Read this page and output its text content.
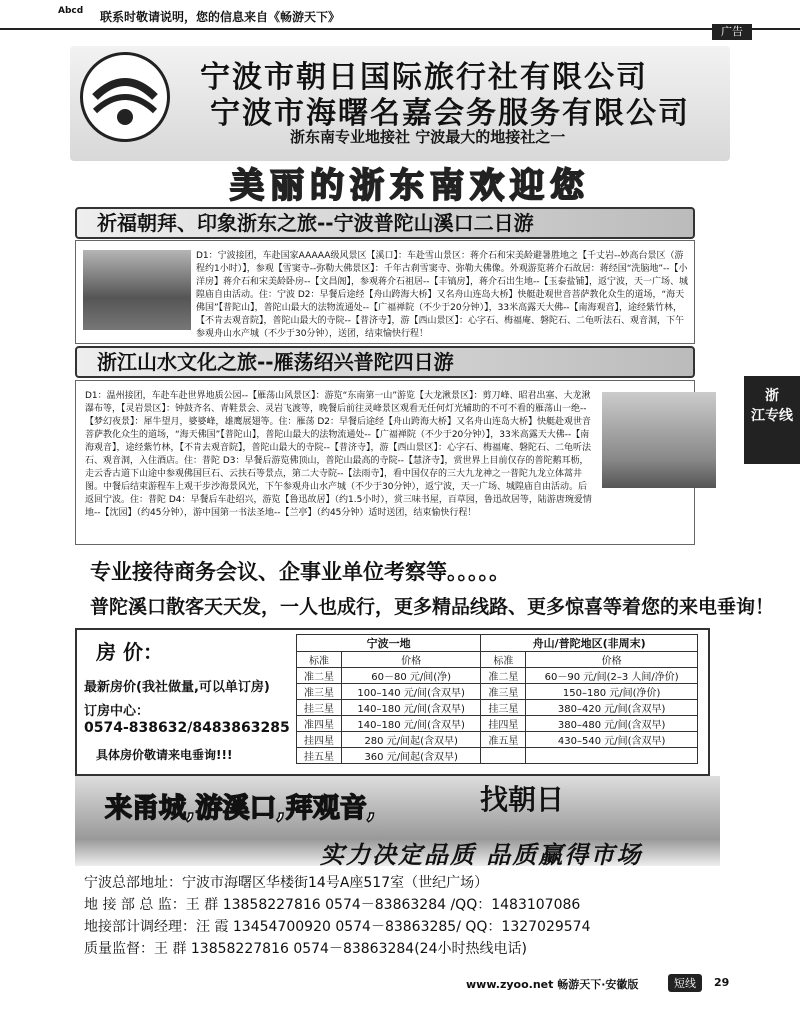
Abcd 联系时敬请说明，您的信息来自《畅游天下》
广告
宁波市朝日国际旅行社有限公司
宁波市海曙名嘉会务服务有限公司
浙东南专业地接社 宁波最大的地接社之一
美丽的浙东南欢迎您
祈福朝拜、印象浙东之旅--宁波普陀山溪口二日游
D1：宁波接团，车赴国家AAAAA级风景区【溪口】：车赴雪山景区：蒋介石和宋美龄避暑胜地之【千丈岩--妙高台景区（游程约1小时）】，参观【雪窦寺--弥勒大佛景区】：千年古刹雪窦寺、弥勒大佛像。外观游览蒋介石故居：蒋经国“洗脑地”--【小洋房】蒋介石和宋美龄卧房--【文昌阁】，参观蒋介石祖居--【丰镐房】，蒋介石出生地--【玉泰盐铺】，返宁波，天一广场、城隍庙自由活动。住：宁波 D2：早餐后途经【舟山跨海大桥】又名舟山连岛大桥】快艇赴观世音菩萨教化众生的道场，“海天佛国”【普陀山】，普陀山最大的法物流通处--【广福禅院（不少于20分钟）】，33米高露天大佛--【南海观音】，途经紫竹林，【不肯去观音院】，普陀山最大的寺院--【普济寺】，游【西山景区】：心字石、梅福庵、磐陀石、二龟听法石、观音洞，下午参观舟山水产城（不少于30分钟），送团，结束愉快行程！
浙江山水文化之旅--雁荡绍兴普陀四日游
D1：温州接团，车赴车赴世界地质公园--【雁荡山风景区】：游览“东南第一山”游览【大龙湫景区】：剪刀峰、昭君出塞、大龙湫瀑布等，【灵岩景区】：钟鼓齐名、青鞋景会、灵岩飞渡等，晚餐后前往灵峰景区观看无任何灯光辅助的不可不看的雁荡山一绝--【梦幻夜景】：犀牛望月，婆婆峰，雄鹰展翅等。住：雁荡 D2：早餐后途经【舟山跨海大桥】又名舟山连岛大桥】快艇赴观世音菩萨教化众生的道场，“海天佛国”【普陀山】，普陀山最大的法物流通处--【广福禅院（不少于20分钟）】，33米高露天大佛--【南海观音】，途经紫竹林，【不肯去观音院】，普陀山最大的寺院--【普济寺】，游【西山景区】：心字石、梅福庵、磐陀石、二龟听法石、观音洞，入住酒店。住：普陀 D3：早餐后游览佛顶山，普陀山最高的寺院--【慧济寺】，赏世界上目前仅存的普陀鹅耳枥，走云香古道下山途中参观佛国巨石、云扶石等景点，第二大寺院--【法雨寺】，看中国仅存的三大九龙神之一普陀九龙立体蒿井图。中餐后结束游程车上观干步沙海景风光，下午参观舟山水产城（不少于30分钟），返宁波，天一广场、城隍庙自由活动。后返回宁波。住：普陀 D4：早餐后车赴绍兴，游览【鲁迅故居】（约1.5小时），赏三味书屋，百草园，鲁迅故居等，陆游唐琬爱情地--【沈园】（约45分钟），游中国第一书法圣地--【兰亭】（约45分钟）适时送团，结束愉快行程！
浙
江专线
专业接待商务会议、企事业单位考察等。。。。。
普陀溪口散客天天发，一人也成行，更多精品线路、更多惊喜等着您的来电垂询！
房 价：
最新房价(我社做量,可以单订房)
订房中心：
0574-838632/8483863285
具体房价敬请来电垂询!!!
宁波一地		舟山/普陀地区(非周末)	
标准	价格	标准	价格
准二星	60－80 元/间(净)	准二星	60－90 元/间(2–3 人间/净价)
准三星	100–140 元/间(含双早)	准三星	150–180 元/间(净价)
挂三星	140–180 元/间(含双早)	挂三星	380–420 元/间(含双早)
准四星	140–180 元/间(含双早)	挂四星	380–480 元/间(含双早)
挂四星	280 元/间起(含双早)	准五星	430–540 元/间(含双早)
挂五星	360 元/间起(含双早)		
来甬城,游溪口,拜观音,	找朝日
实力决定品质 品质赢得市场
宁波总部地址：宁波市海曙区华楼街14号A座517室（世纪广场）
地 接 部 总 监：王 群 13858227816 0574－83863284 /QQ：1483107086
地接部计调经理：汪 霞 13454700920 0574－83863285/ QQ：1327029574
质量监督：王 群 13858227816 0574－83863284(24小时热线电话)
www.zyoo.net 畅游天下·安徽版	短线	29
